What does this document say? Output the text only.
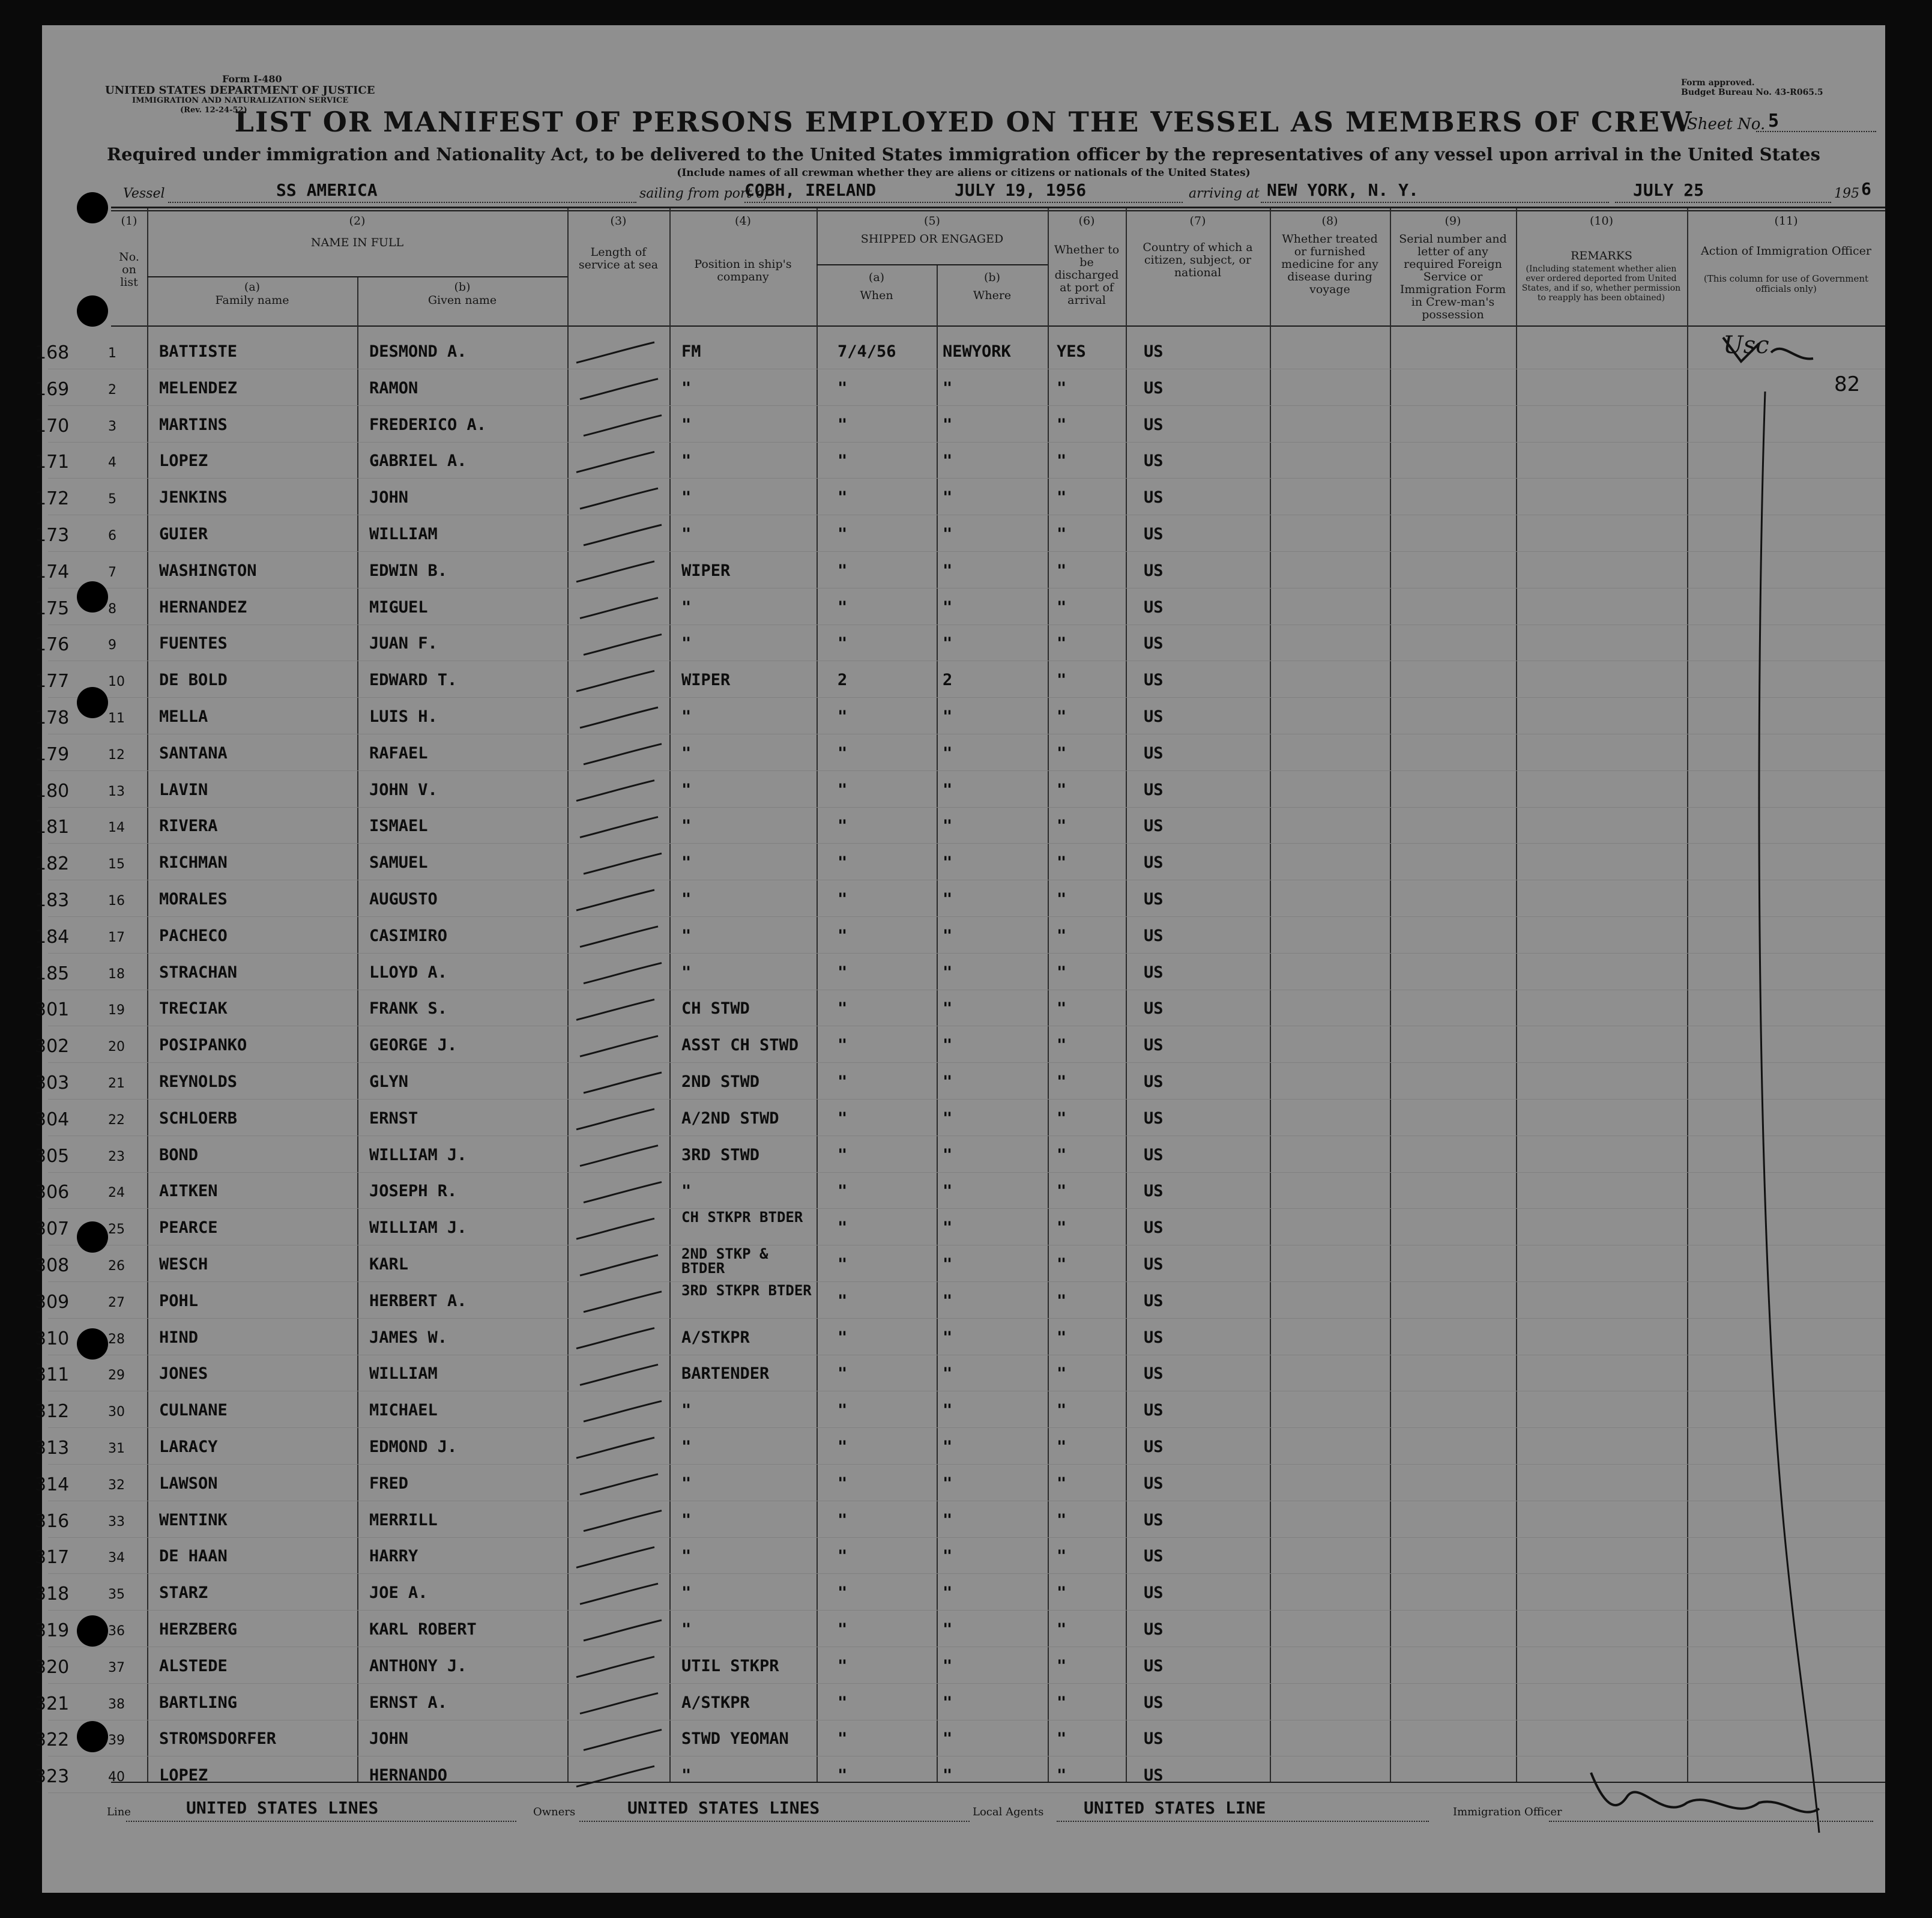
Form I-480
UNITED STATES DEPARTMENT OF JUSTICE
IMMIGRATION AND NATURALIZATION SERVICE
(Rev. 12-24-52)
Form approved.
Budget Bureau No. 43-R065.5
LIST OR MANIFEST OF PERSONS EMPLOYED ON THE VESSEL AS MEMBERS OF CREW
Sheet No. 5
Required under immigration and Nationality Act, to be delivered to the United States immigration officer by the representatives of any vessel upon arrival in the United States
(Include names of all crewman whether they are aliens or citizens or nationals of the United States)
Vessel	SS AMERICA	sailing from port of
COBH, IRELAND	JULY 19, 1956	arriving at NEW YORK, N. Y.	JULY 25	195 6
(1)
No. on list
(2)
NAME IN FULL
(a)
Family name
(b)
Given name
(3)
Length of service at sea
(4)
Position in ship's company
(5)
SHIPPED OR ENGAGED
(a)
When
(b)
Where
(6)
Whether to be discharged at port of arrival
(7)
Country of which a citizen, subject, or national
(8)
Whether treated or furnished medicine for any disease during voyage
(9)
Serial number and letter of any required Foreign Service or Immigration Form in Crew-man's possession
(10)
REMARKS
(Including statement whether alien ever ordered deported from United States, and if so, whether permission to reapply has been obtained)
(11)
Action of Immigration Officer
(This column for use of Government officials only)
168	1	BATTISTE	DESMOND A.	FM	7/4/56	NEWYORK	YES	US
169	2	MELENDEZ	RAMON	"	"	"	"	US
170	3	MARTINS	FREDERICO A.	"	"	"	"	US
171	4	LOPEZ	GABRIEL A.	"	"	"	"	US
172	5	JENKINS	JOHN	"	"	"	"	US
173	6	GUIER	WILLIAM	"	"	"	"	US
174	7	WASHINGTON	EDWIN B.	WIPER	"	"	"	US
175	8	HERNANDEZ	MIGUEL	"	"	"	"	US
176	9	FUENTES	JUAN F.	"	"	"	"	US
177	10 DE BOLD	EDWARD T.	WIPER	2	2	"	US
178	11 MELLA	LUIS H.	"	"	"	"	US
179	12 SANTANA	RAFAEL	"	"	"	"	US
180	13 LAVIN	JOHN V.	"	"	"	"	US
181	14 RIVERA	ISMAEL	"	"	"	"	US
182	15 RICHMAN	SAMUEL	"	"	"	"	US
183	16 MORALES	AUGUSTO	"	"	"	"	US
184	17 PACHECO	CASIMIRO	"	"	"	"	US
185	18 STRACHAN	LLOYD A.	"	"	"	"	US
301	19 TRECIAK	FRANK S.	CH STWD	"	"	"	US
302	20 POSIPANKO	GEORGE J.	ASST CH STWD "	"	"	US
303	21 REYNOLDS	GLYN	2ND STWD	"	"	"	US
304	22 SCHLOERB	ERNST	A/2ND STWD	"	"	"	US
305	23 BOND	WILLIAM J.	3RD STWD	"	"	"	US
306	24 AITKEN	JOSEPH R.	"	"	"	"	US
307	25 PEARCE	WILLIAM J.
CH STKPR BTDER
"	"	"	US
308	26 WESCH	KARL
2ND STKP & BTDER	"	"	"	US
309	27 POHL	HERBERT A.
3RD STKPR BTDER
"	"	"	US
310	28 HIND	JAMES W.	A/STKPR	"	"	"	US
311	29 JONES	WILLIAM	BARTENDER	"	"	"	US
312	30 CULNANE	MICHAEL	"	"	"	"	US
313	31 LARACY	EDMOND J.	"	"	"	"	US
314	32 LAWSON	FRED	"	"	"	"	US
316	33 WENTINK	MERRILL	"	"	"	"	US
317	34 DE HAAN	HARRY	"	"	"	"	US
318	35 STARZ	JOE A.	"	"	"	"	US
319	36 HERZBERG	KARL ROBERT	"	"	"	"	US
320	37 ALSTEDE	ANTHONY J.	UTIL STKPR	"	"	"	US
321	38 BARTLING	ERNST A.	A/STKPR	"	"	"	US
322	39 STROMSDORFER	JOHN	STWD YEOMAN	"	"	"	US
323	40 LOPEZ	HERNANDO	"	"	"	"	US
Usc
82
Line	UNITED STATES LINES	Owners	UNITED STATES LINES	Local Agents UNITED STATES LINE	Immigration Officer
